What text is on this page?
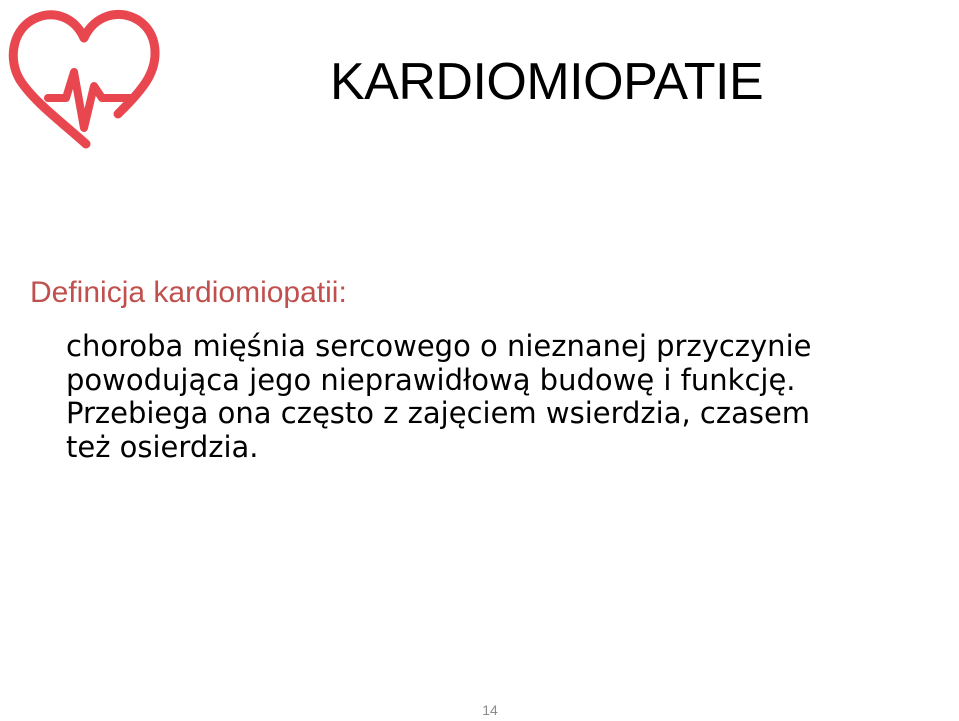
KARDIOMIOPATIE
Definicja kardiomiopatii:
choroba mięśnia sercowego o nieznanej przyczynie
powodująca jego nieprawidłową budowę i funkcję.
Przebiega ona często z zajęciem wsierdzia, czasem
też osierdzia.
14
